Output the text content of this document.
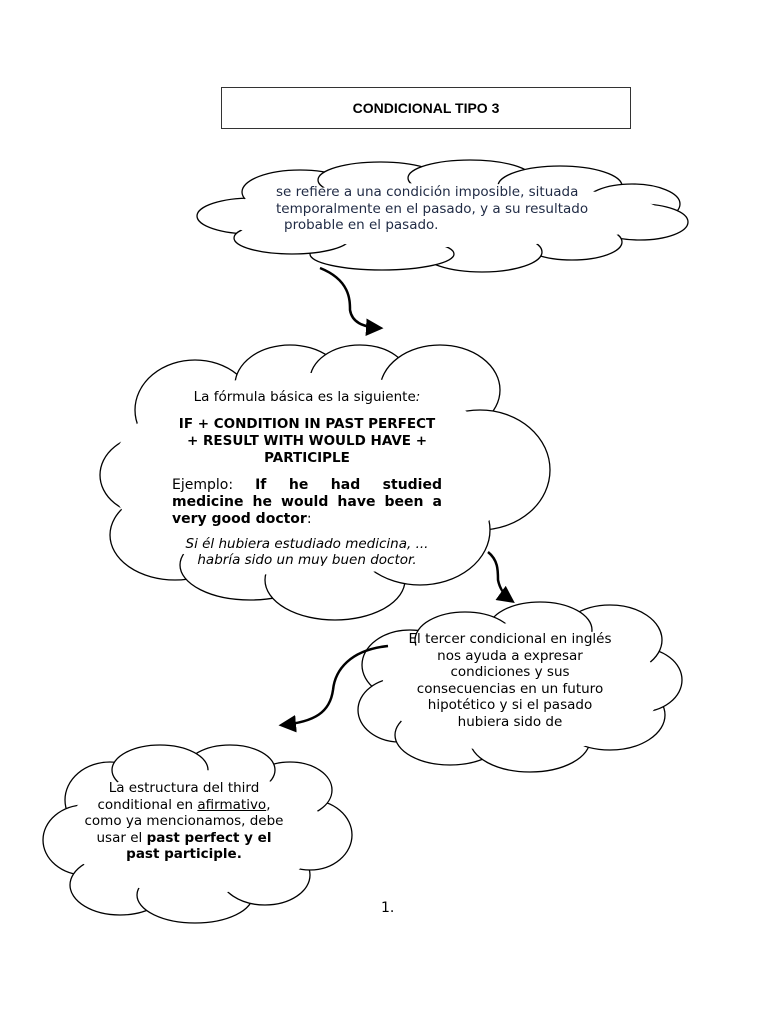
CONDICIONAL TIPO 3
se refiere a una condición imposible, situada
temporalmente en el pasado, y a su resultado
probable en el pasado.

La fórmula básica es la siguiente:

IF + CONDITION IN PAST PERFECT + RESULT WITH WOULD HAVE + PARTICIPLE

Ejemplo: If he had studied medicine he would have been a very good doctor:

Si él hubiera estudiado medicina, ... habría sido un muy buen doctor.

El tercer condicional en inglés nos ayuda a expresar condiciones y sus consecuencias en un futuro hipotético y si el pasado hubiera sido de
La estructura del third conditional en afirmativo, como ya mencionamos, debe usar el past perfect y el past participle.
1.
